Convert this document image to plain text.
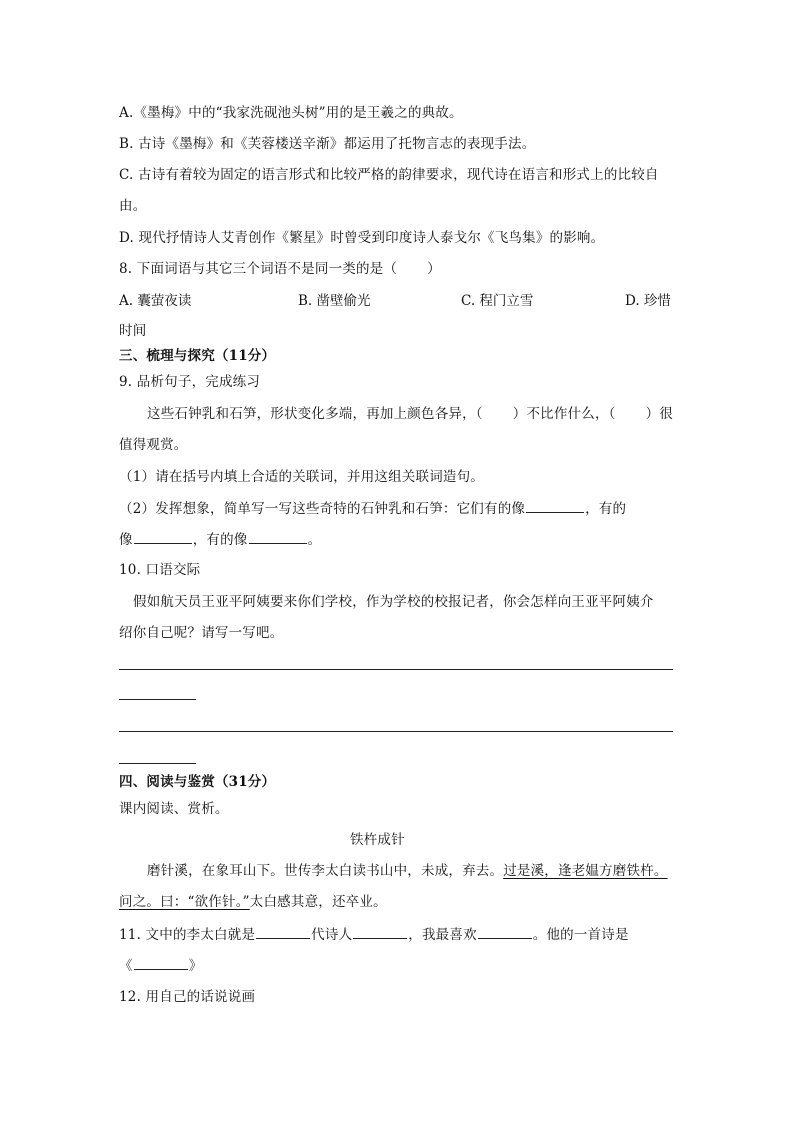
A.《墨梅》中的“我家洗砚池头树”用的是王羲之的典故。
B. 古诗《墨梅》和《芙蓉楼送辛渐》都运用了托物言志的表现手法。
C. 古诗有着较为固定的语言形式和比较严格的韵律要求，现代诗在语言和形式上的比较自
由。
D. 现代抒情诗人艾青创作《繁星》时曾受到印度诗人泰戈尔《飞鸟集》的影响。
8. 下面词语与其它三个词语不是同一类的是（ ）
A. 囊萤夜读	B. 凿壁偷光	C. 程门立雪	D. 珍惜
时间
三、梳理与探究（11分）
9. 品析句子，完成练习
这些石钟乳和石笋，形状变化多端，再加上颜色各异，（ ）不比作什么，（ ）很
值得观赏。
（1）请在括号内填上合适的关联词，并用这组关联词造句。
（2）发挥想象，简单写一写这些奇特的石钟乳和石笋：它们有的像	，有的
像	，有的像	。
10. 口语交际
假如航天员王亚平阿姨要来你们学校，作为学校的校报记者，你会怎样向王亚平阿姨介
绍你自己呢？请写一写吧。
四、阅读与鉴赏（31分）
课内阅读、赏析。
铁杵成针
磨针溪，在象耳山下。世传李太白读书山中，未成，弃去。过是溪，逢老媪方磨铁杵。
问之。曰：“欲作针。”太白感其意，还卒业。
11. 文中的李太白就是	代诗人	，我最喜欢	。他的一首诗是
《	》
12. 用自己的话说说画
